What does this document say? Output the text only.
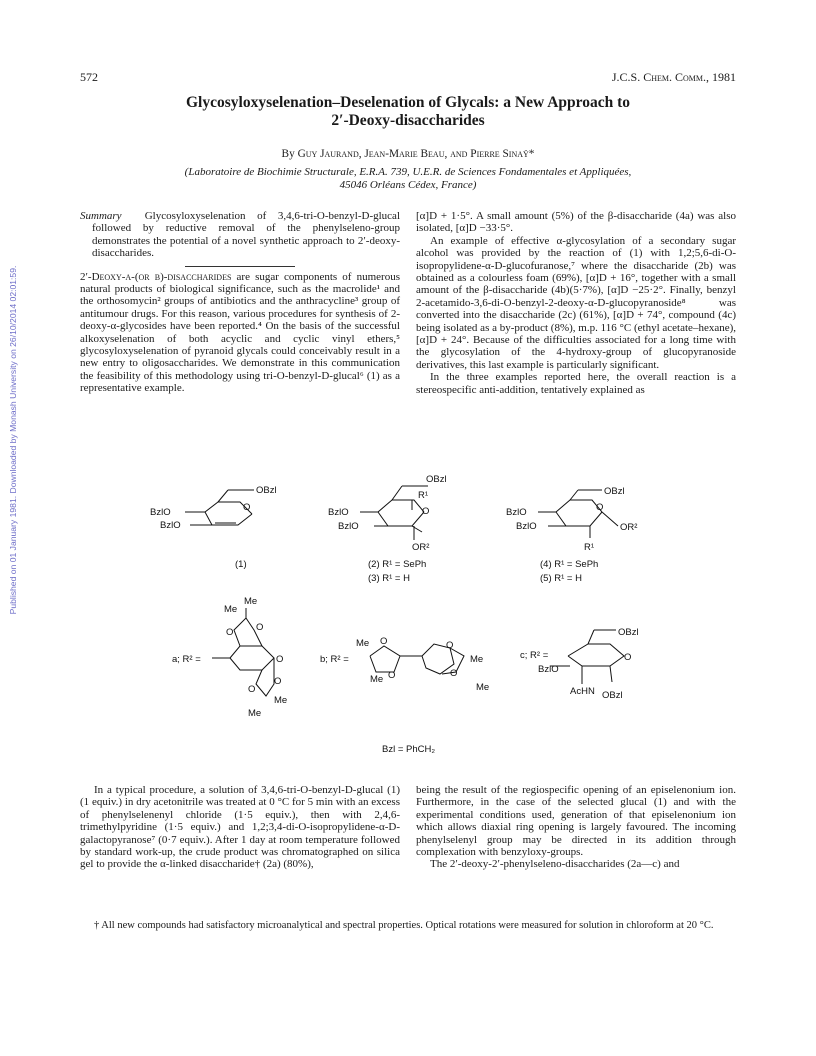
572	J.C.S. Chem. Comm., 1981
Published on 01 January 1981. Downloaded by Monash University on 26/10/2014 02:01:59.
Glycosyloxyselenation–Deselenation of Glycals: a New Approach to
2′-Deoxy-disaccharides
By Guy Jaurand, Jean-Marie Beau, and Pierre Sinaÿ*
(Laboratoire de Biochimie Structurale, E.R.A. 739, U.E.R. de Sciences Fondamentales et Appliquées,
45046 Orléans Cédex, France)

Summary Glycosyloxyselenation of 3,4,6-tri-O-benzyl-D-glucal followed by reductive removal of the phenylseleno-group demonstrates the potential of a novel synthetic approach to 2′-deoxy-disaccharides.

2′-Deoxy-α-(or β)-disaccharides are sugar components of numerous natural products of biological significance, such as the macrolide¹ and the orthosomycin² groups of antibiotics and the anthracycline³ group of antitumour drugs. For this reason, various procedures for synthesis of 2-deoxy-α-glycosides have been reported.⁴ On the basis of the successful alkoxyselenation of both acyclic and cyclic vinyl ethers,⁵ glycosyloxyselenation of pyranoid glycals could conceivably result in a new entry to oligosaccharides. We demonstrate in this communication the feasibility of this methodology using tri-O-benzyl-D-glucal⁶ (1) as a representative example.

[α]D + 1·5°. A small amount (5%) of the β-disaccharide (4a) was also isolated, [α]D −33·5°.

An example of effective α-glycosylation of a secondary sugar alcohol was provided by the reaction of (1) with 1,2;5,6-di-O-isopropylidene-α-D-glucofuranose,⁷ where the disaccharide (2b) was obtained as a colourless foam (69%), [α]D + 16°, together with a small amount of the β-disaccharide (4b)(5·7%), [α]D −25·2°. Finally, benzyl 2-acetamido-3,6-di-O-benzyl-2-deoxy-α-D-glucopyranoside⁸ was converted into the disaccharide (2c) (61%), [α]D + 74°, compound (4c) being isolated as a by-product (8%), m.p. 116 °C (ethyl acetate–hexane), [α]D + 24°. Because of the difficulties associated for a long time with the glycosylation of the 4-hydroxy-group of glucopyranoside derivatives, this last example is particularly significant.

In the three examples reported here, the overall reaction is a stereospecific anti-addition, tentatively explained as

OBzl
O
BzlO
BzlO
(1)
OBzl
R¹
O
BzlO
BzlO
OR²
(2) R¹ = SePh
(3) R¹ = H
OBzl
O
BzlO
BzlO	OR²
R¹
(4) R¹ = SePh
(5) R¹ = H
a; R² =
Me
Me
O O
O
O
O
Me
Me
b; R² =
Me O
O
Me
O
O
Me
Me
c; R² =
OBzl
O
BzlO
AcHN OBzl
Bzl = PhCH₂

In a typical procedure, a solution of 3,4,6-tri-O-benzyl-D-glucal (1) (1 equiv.) in dry acetonitrile was treated at 0 °C for 5 min with an excess of phenylselenenyl chloride (1·5 equiv.), then with 2,4,6-trimethylpyridine (1·5 equiv.) and 1,2;3,4-di-O-isopropylidene-α-D-galactopyranose⁷ (0·7 equiv.). After 1 day at room temperature followed by standard work-up, the crude product was chromatographed on silica gel to provide the α-linked disaccharide† (2a) (80%),

being the result of the regiospecific opening of an episelenonium ion. Furthermore, in the case of the selected glucal (1) and with the experimental conditions used, generation of that episelenonium ion which allows diaxial ring opening is largely favoured. The incoming phenylselenyl group may be directed in its addition through complexation with benzyloxy-groups.

The 2′-deoxy-2′-phenylseleno-disaccharides (2a—c) and

† All new compounds had satisfactory microanalytical and spectral properties. Optical rotations were measured for solution in chloroform at 20 °C.
